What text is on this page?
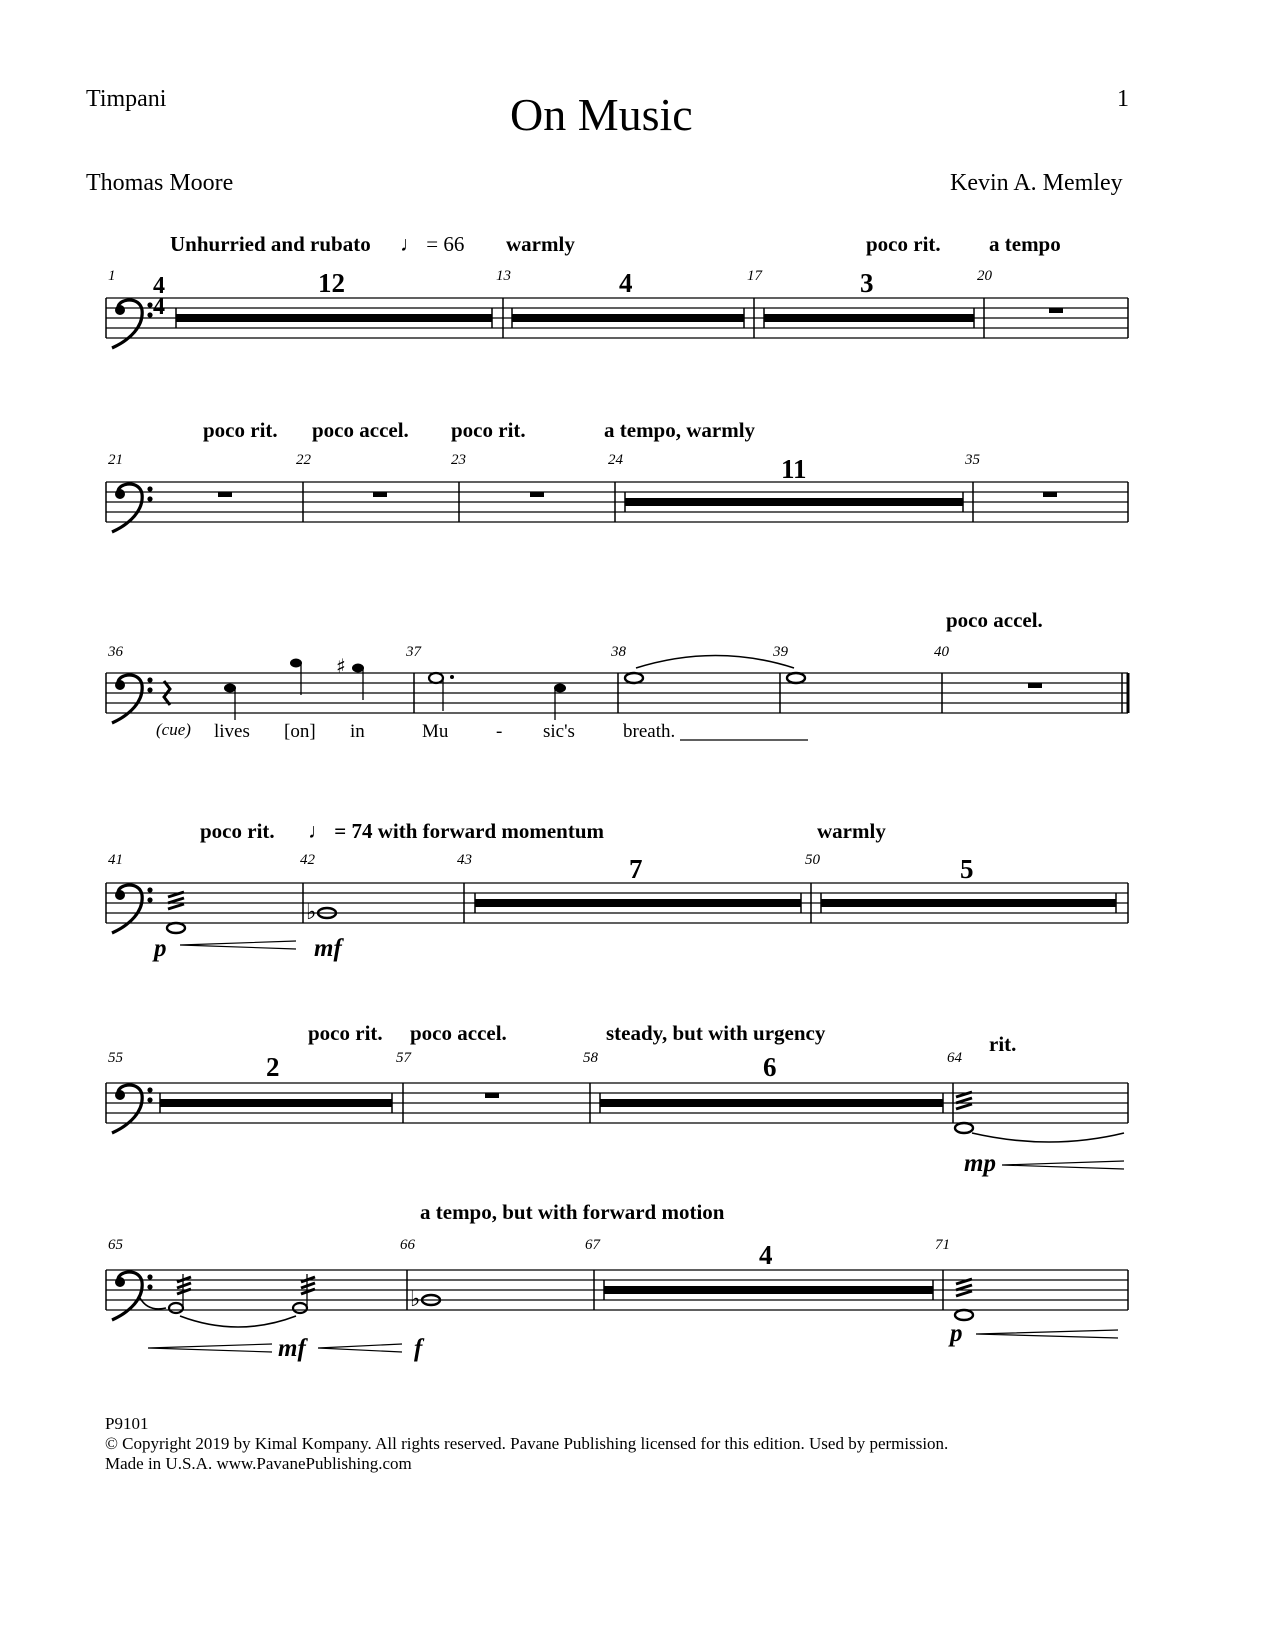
Timpani	On Music	1
Thomas Moore	Kevin A. Memley
♯
♭
♭
Unhurried and rubato ♩ = 66 warmly	poco rit. a tempo
1	13	17	20
12	4	3
4
4
poco rit. poco accel. poco rit.	a tempo, warmly
21	22	23	24	35
11
poco accel.
36	37	38	39	40
(cue) lives [on] in	Mu	- sic's	breath.
poco rit. ♩ = 74 with forward momentum	warmly
41	42	43	50
7	5
p	mf
poco rit. poco accel.	steady, but with urgency	rit.
55	57	58	64
2	6
mp
a tempo, but with forward motion
65	66	67	71
4
mf	f
p
P9101
© Copyright 2019 by Kimal Kompany. All rights reserved. Pavane Publishing licensed for this edition. Used by permission.
Made in U.S.A. www.PavanePublishing.com
